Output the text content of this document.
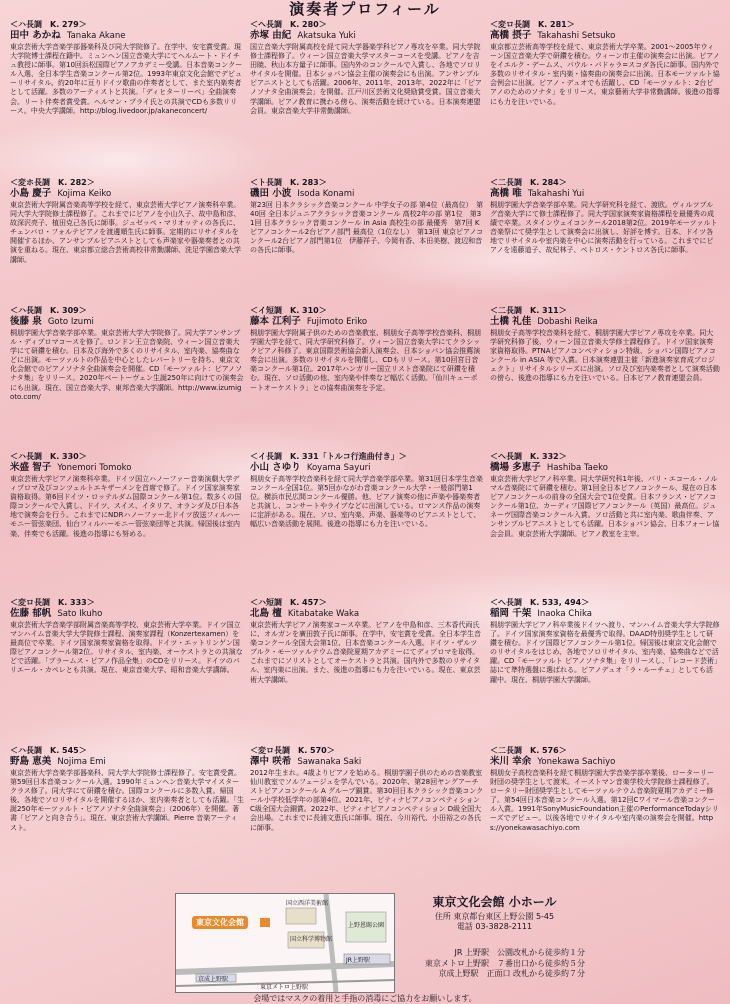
演奏者プロフィール
＜ハ長調　K. 279＞
田中 あかね Tanaka Akane
東京芸術大学音楽学部器楽科及び同大学院修了。在学中、安宅賞受賞。現大学院博士課程在籍中。ミュンヘン国立音楽大学にてヘルムート・ドイチュ教授に師事。第10回浜松国際ピアノアカデミー受講。日本音楽コンクール入選、全日本学生音楽コンクール第2位。1993年東京文化会館でデビューリサイタル。約20年に亘りドイツ歌曲の伴奏者として、また室内楽奏者として活躍。多数のアーティストと共演。「ディヒターリーベ」全曲演奏会。リート伴奏者賞受賞。ヘルマン・プライ氏との共演でCDも多数リリース。中央大学講師。http://blog.livedoor.jp/akaneconcert/
＜ヘ長調　K. 280＞
赤塚 由紀 Akatsuka Yuki
国立音楽大学附属高校を経て同大学器楽学科ピアノ専攻を卒業。同大学院修士課程修了。ウィーン国立音楽大学マスターコースを受講。ピアノを吉田暁、秋山本方量子に師事。国内外のコンクールで入賞し、各地でソロリサイタルを開催。日本ショパン協会主催の演奏会にも出演。アンサンブルピアニストとしても活躍。2006年、2011年、2013年、2022年に「ピアノソナタ全曲演奏会」を開催。江戸川区芸術文化奨励賞受賞。国立音楽大学講師。ピアノ教育に携わる傍ら、演奏活動を続けている。日本演奏連盟会員。東京音楽大学非常勤講師。
＜変ロ長調　K. 281＞
高橋 摂子 Takahashi Setsuko
東京都立芸術高等学校を経て、東京芸術大学卒業。2001～2005年ウィーン国立音楽大学で研鑽を積む。ウィーン市主催の演奏会に出演。ピアノをイエルク・デームス、パウル・バドゥラ=スコダ各氏に師事。国内外で多数のリサイタル・室内楽・協奏曲の演奏会に出演。日本モーツァルト協会例会に出演。ピアノ・デュオでも活躍し、CD「モーツァルト：2台ピアノのためのソナタ」をリリース。東京藝術大学非常勤講師。後進の指導にも力を注いでいる。
＜変ホ長調　K. 282＞
小島 慶子 Kojima Keiko
東京芸術大学附属音楽高等学校を経て、東京芸術大学ピアノ演奏科卒業。同大学大学院修士課程修了。これまでにピアノを小山久子、故中島和彦、故深沢亮子、植田克己各氏に師事。ジュゼッペ・マリオッティの各氏に、チェンバロ・フォルテピアノを渡邊順生氏に師事。定期的にリサイタルを開催するほか、アンサンブルピアニストとしても声楽家や器楽奏者との共演を重ねる。現在、東京都立総合芸術高校非常勤講師、洗足学園音楽大学講師。
＜ト長調　K. 283＞
磯田 小波 Isoda Konami
第23回 日本クラシック音楽コンクール 中学女子の部 第4位（最高位）　第40回 全日本ジュニアクラシック音楽コンクール 高校2年の部 第1位　第31回 日本クラシック音楽コンクール in Asia 高校生の部 最優秀　第7回 K ピアノコンクール2台ピアノ部門 最高位（1位なし）　第13回 東京ピアノコンクール2台ピアノ部門第1位　伊藤祥子、今岡有香、本田美樹、渡辺和音の各氏に師事。
＜二長調　K. 284＞
高橋 唯 Takahashi Yui
桐朋学園大学音楽学部卒業。同大学研究科を経て、渡欧。ヴィルツブルグ音楽大学にて修士課程修了。同大学国家演奏家資格課程を最優秀の成績で卒業。スタインウェイコンクール2018第2位。2019年モーツァルト音楽祭にて奨学生として演奏会に出演し、好評を博す。日本、ドイツ各地でリサイタルや室内楽を中心に演奏活動を行っている。これまでにピアノを遠藤道子、故紀林子、ペトロス・ケントロス各氏に師事。
＜ハ長調　K. 309＞
後藤 泉 Goto Izumi
桐朋学園大学音楽学部卒業。東京芸術大学大学院修了。同大学アンサンブル・ディプロマコースを修了。ロンドン王立音楽院、ウィーン国立音楽大学にて研鑽を積む。日本及び海外で多くのリサイタル、室内楽、協奏曲などに出演。モーツァルトの作品を中心としたレパートリーを持ち、東京文化会館でのピアノソナタ全曲演奏会を開催。CD「モーツァルト：ピアノソナタ集」をリリース。2020年ベートーヴェン生誕250年に向けての演奏会にも出演。現在、国立音楽大学、東邦音楽大学講師。http://www.izumigoto.com/
＜イ短調　K. 310＞
藤本 江利子 Fujimoto Eriko
桐朋学園大学附属子供のための音楽教室、桐朋女子高等学校音楽科、桐朋学園大学を経て、同大学研究科修了。ウィーン国立音楽大学にてクラシックピアノ科修了。東京国際芸術協会新人演奏会、日本ショパン協会推薦演奏会に出演。多数のリサイタルを開催し、CDもリリース。第10回宮日音楽コンクール第1位。2017年ハンガリー国立リスト音楽院にて研鑽を積む。現在、ソロ活動の他、室内楽や伴奏など幅広く活動。「仙川キューポートオーケストラ」との協奏曲演奏を予定。
＜二長調　K. 311＞
土橋 礼佳 Dobashi Reika
桐朋女子高等学校音楽科を経て、桐朋学園大学ピアノ専攻を卒業。同大学研究科修了後、ウィーン国立音楽大学修士課程修了。ドイツ国家演奏家資格取得。PTNAピアノコンペティション特級、ショパン国際ピアノコンクール in ASIA 等で入賞。日本演奏連盟主催「新進演奏家育成プロジェクト」リサイタルシリーズに出演。ソロ及び室内楽奏者として演奏活動の傍ら、後進の指導にも力を注いでいる。日本ピアノ教育連盟会員。
＜ハ長調　K. 330＞
米盛 智子 Yonemori Tomoko
東京芸術大学ピアノ演奏科卒業。ドイツ国立ハノーファー音楽演劇大学ディプロマ及びコンツェルトエキザーメンを首席で修了。ドイツ国家演奏家資格取得。第6回ドイツ・ロッテルダム国際コンクール第1位。数多くの国際コンクールで入賞し、ドイツ、スイス、イタリア、オランダ及び日本各地で演奏会を行う。これまでにNDRハノーファー北ドイツ放送フィルハーモニー管弦楽団、仙台フィルハーモニー管弦楽団等と共演。帰国後は室内楽、伴奏でも活躍。後進の指導にも努める。
＜イ長調　K. 331「トルコ行進曲付き」＞
小山 さゆり Koyama Sayuri
桐朋女子高等学校音楽科を経て同大学音楽学部卒業。第31回日本学生音楽コンクール全国1位。第5回かながわ音楽コンクール大学・一般部門第1位。横浜市民広間コンクール優勝。他、ピアノ演奏の他に声楽や器楽奏者と共演し、コンサートやライブなどに出演している。ロマンス作品の演奏に定評がある。現在、ソロ、室内楽、声楽、器楽等のピアニストとして、幅広い音楽活動を展開。後進の指導にも力を注いでいる。
＜ヘ長調　K. 332＞
橋場 多恵子 Hashiba Taeko
東京芸術大学ピアノ科卒業。同大学研究科1年後、パリ・エコール・ノルマル音楽院にて研鑽を積む。第1回全日本ピアノコンクール、現在の日本ピアノコンクールの前身の全国大会で1位受賞。日本フランス・ピアノコンクール第1位、カーディフ国際ピアノコンクール（英国）最高位。ジュネーヴ国際音楽コンクール入賞。ソロ活動と共に室内楽、歌曲伴奏、アンサンブルピアニストとしても活躍。日本ショパン協会、日本フォーレ協会会員。東京芸術大学講師。ピアノ教室を主宰。
＜変ロ長調　K. 333＞
佐藤 郁帆 Sato Ikuho
東京芸術大学音楽学部附属音楽高等学校、東京芸術大学卒業。ドイツ国立マンハイム音楽大学大学院修士課程、演奏家課程（Konzertexamen）を最高位で卒業。ドイツ国家演奏家資格を取得。ドイツ・エットリンゲン国際ピアノコンクール第2位。リサイタル、室内楽、オーケストラとの共演などで活躍。「ブラームス・ピアノ作品全集」のCDをリリース。ドイツのパリエール・カペレとも共演。現在、東京音楽大学、昭和音楽大学講師。
＜ハ短調　K. 457＞
北島 檀 Kitabatake Waka
東京芸術大学ピアノ演奏家コース卒業。ピアノを中島和彦、三木香代両氏に、オルガンを廣田敦子氏に師事。在学中、安宅賞を受賞。全日本学生音楽コンクール全国大会第1位、日本音楽コンクール入選。ドイツ・ザルツブルク・モーツァルテウム音楽院夏期アカデミーにてディプロマを取得。これまでにソリストとしてオーケストラと共演。国内外で多数のリサイタル、室内楽に出演。また、後進の指導にも力を注いでいる。現在、東京芸術大学講師。
＜へ長調　K. 533, 494＞
稲岡 千架 Inaoka Chika
桐朋学園大学ピアノ科卒業後ドイツへ渡り、マンハイム音楽大学大学院修了。ドイツ国家演奏家資格を最優秀で取得。DAAD特別奨学生として研鑽を積む。ドイツ国際ピアノコンクール第1位。帰国後は東京文化会館でのリサイタルをはじめ、各地でソロリサイタル、室内楽、協奏曲などで活躍。CD「モーツァルト ピアノソナタ集」をリリースし、「レコード芸術」誌にて準特選盤に選ばれる。ピアノデュオ「ラ・ルーチェ」としても活躍中。現在、桐朋学園大学講師。
＜ハ長調　K. 545＞
野島 恵美 Nojima Emi
東京芸術大学音楽学部器楽科、同大学大学院修士課程修了。安宅賞受賞。第59回日本音楽コンクール入選。1990年ミュンヘン音楽大学マイスタークラス修了。同大学にて研鑽を積む。国際コンクールに多数入賞。帰国後、各地でソロリサイタルを開催するほか、室内楽奏者としても活躍。「生誕250年モーツァルト・ピアノソナタ全曲演奏会」（2006年）を開催。著書「ピアノと向き合う」。現在、東京芸術大学講師。Pierre 音楽アーティスト。
＜変ロ長調　K. 570＞
澤中 咲希 Sawanaka Saki
2012年生まれ。4歳よりピアノを始める。桐朋学園子供のための音楽教室仙川教室でソルフェージュを学んでいる。2020年、第28回ヤングアーチストピアノコンクール A グループ銅賞。第30回日本クラシック音楽コンクール小学校低学年の部第4位。2021年、ピティナピアノコンペティション C級全国大会銅賞。2022年、ピティナピアノコンペティション D級全国大会出場。これまでに長浦文恵氏に師事。現在、今川裕代、小田裕之の各氏に師事。
＜二長調　K. 576＞
米川 幸余 Yonekawa Sachiyo
桐朋女子高校音楽科を経て桐朋学園大学音楽学部卒業後、ローターリー財団の奨学生として渡米。イーストマン音楽学校大学院修士課程修了。ロータリー財団奨学生としてモーツァルテウム音楽院夏期アカデミー修了。第54回日本音楽コンクール入選。第12回Cワイマール音楽コンクール入賞。1991年SonyMusicFoundation主催のPerformanceTodayシリーズでデビュー。以後各地でリサイタルや室内楽の演奏会を開催。https://yonekawasachiyo.com
東京文化会館
国立西洋美術館
国立科学博物館
上野恩賜公園
JR上野駅
京成上野駅
東京メトロ上野駅
東京文化会館 小ホール
住所 東京都台東区上野公園 5-45
電話 03-3828-2111
JR 上野駅　公園改札から徒歩約１分
東京メトロ上野駅　７番出口から徒歩約５分
京成上野駅　正面口 改札から徒歩約７分
会場ではマスクの着用と手指の消毒にご協力をお願いします。
